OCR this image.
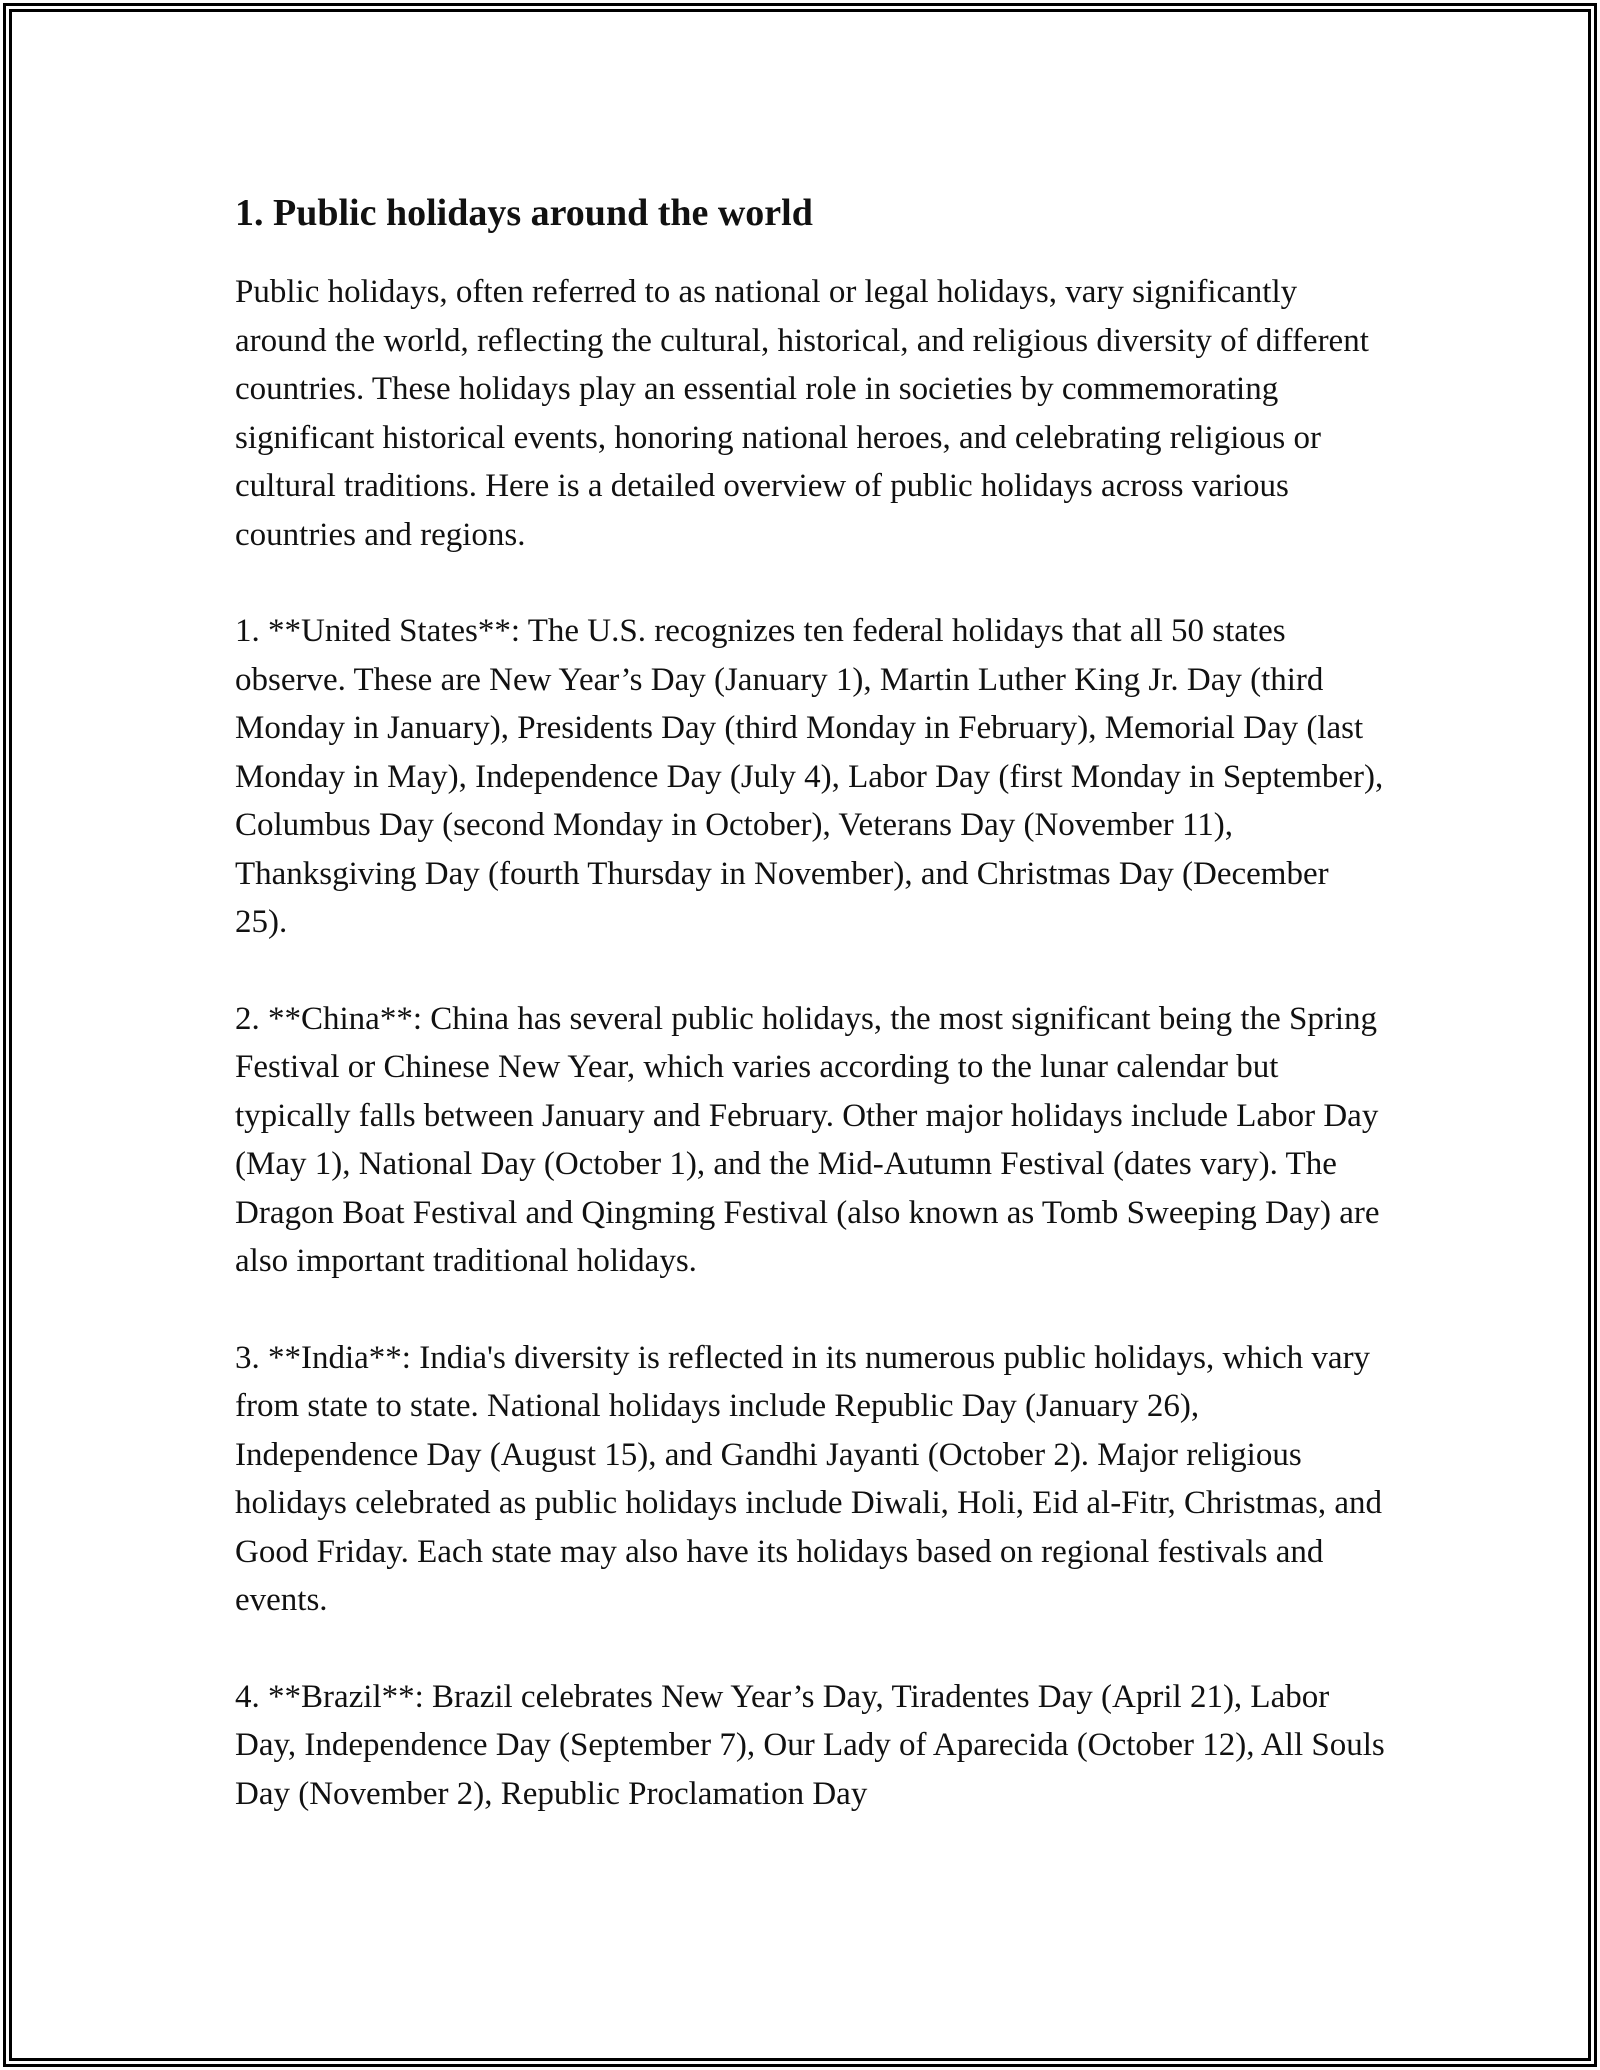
1. Public holidays around the world

Public holidays, often referred to as national or legal holidays, vary significantly around the world, reflecting the cultural, historical, and religious diversity of different countries. These holidays play an essential role in societies by commemorating significant historical events, honoring national heroes, and celebrating religious or cultural traditions. Here is a detailed overview of public holidays across various countries and regions.

1. **United States**: The U.S. recognizes ten federal holidays that all 50 states observe. These are New Year’s Day (January 1), Martin Luther King Jr. Day (third Monday in January), Presidents Day (third Monday in February), Memorial Day (last Monday in May), Independence Day (July 4), Labor Day (first Monday in September), Columbus Day (second Monday in October), Veterans Day (November 11), Thanksgiving Day (fourth Thursday in November), and Christmas Day (December 25).

2. **China**: China has several public holidays, the most significant being the Spring Festival or Chinese New Year, which varies according to the lunar calendar but typically falls between January and February. Other major holidays include Labor Day (May 1), National Day (October 1), and the Mid-Autumn Festival (dates vary). The Dragon Boat Festival and Qingming Festival (also known as Tomb Sweeping Day) are also important traditional holidays.

3. **India**: India's diversity is reflected in its numerous public holidays, which vary from state to state. National holidays include Republic Day (January 26), Independence Day (August 15), and Gandhi Jayanti (October 2). Major religious holidays celebrated as public holidays include Diwali, Holi, Eid al-Fitr, Christmas, and Good Friday. Each state may also have its holidays based on regional festivals and events.

4. **Brazil**: Brazil celebrates New Year’s Day, Tiradentes Day (April 21), Labor Day, Independence Day (September 7), Our Lady of Aparecida (October 12), All Souls Day (November 2), Republic Proclamation Day
